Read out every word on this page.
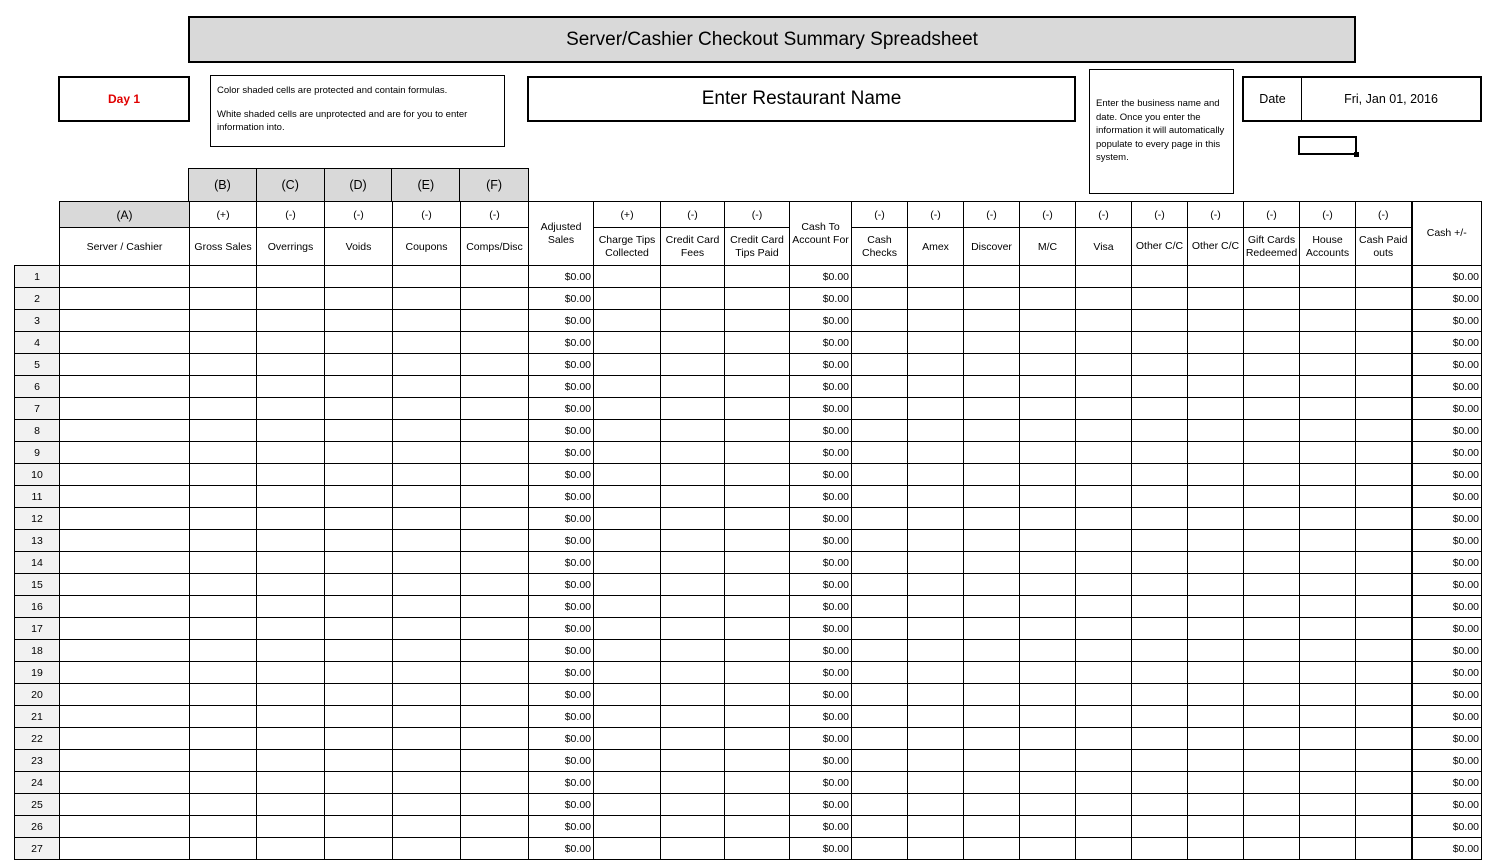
Server/Cashier Checkout Summary Spreadsheet
Day 1

Color shaded cells are protected and contain formulas.

White shaded cells are unprotected and are for you to enter information into.

Enter Restaurant Name	Enter the business name and date. Once you enter the information it will automatically populate to every page in this system.
Date	Fri, Jan 01, 2016
(B)	(C)	(D)	(E)	(F)
	(A)	(+)	(-)	(-)	(-)	(-)	Adjusted Sales	(+)	(-)	(-)	Cash To Account For	(-)	(-)	(-)	(-)	(-)	(-)	(-)	(-)	(-)	(-)	Cash +/-
	Server / Cashier	Gross Sales	Overrings	Voids	Coupons	Comps/Disc		Charge Tips Collected	Credit Card Fees	Credit Card Tips Paid		Cash Checks	Amex	Discover	M/C	Visa	Other C/C	Other C/C	Gift Cards Redeemed	House Accounts	Cash Paid outs	
1							$0.00				$0.00											$0.00
2							$0.00				$0.00											$0.00
3							$0.00				$0.00											$0.00
4							$0.00				$0.00											$0.00
5							$0.00				$0.00											$0.00
6							$0.00				$0.00											$0.00
7							$0.00				$0.00											$0.00
8							$0.00				$0.00											$0.00
9							$0.00				$0.00											$0.00
10							$0.00				$0.00											$0.00
11							$0.00				$0.00											$0.00
12							$0.00				$0.00											$0.00
13							$0.00				$0.00											$0.00
14							$0.00				$0.00											$0.00
15							$0.00				$0.00											$0.00
16							$0.00				$0.00											$0.00
17							$0.00				$0.00											$0.00
18							$0.00				$0.00											$0.00
19							$0.00				$0.00											$0.00
20							$0.00				$0.00											$0.00
21							$0.00				$0.00											$0.00
22							$0.00				$0.00											$0.00
23							$0.00				$0.00											$0.00
24							$0.00				$0.00											$0.00
25							$0.00				$0.00											$0.00
26							$0.00				$0.00											$0.00
27							$0.00				$0.00											$0.00
